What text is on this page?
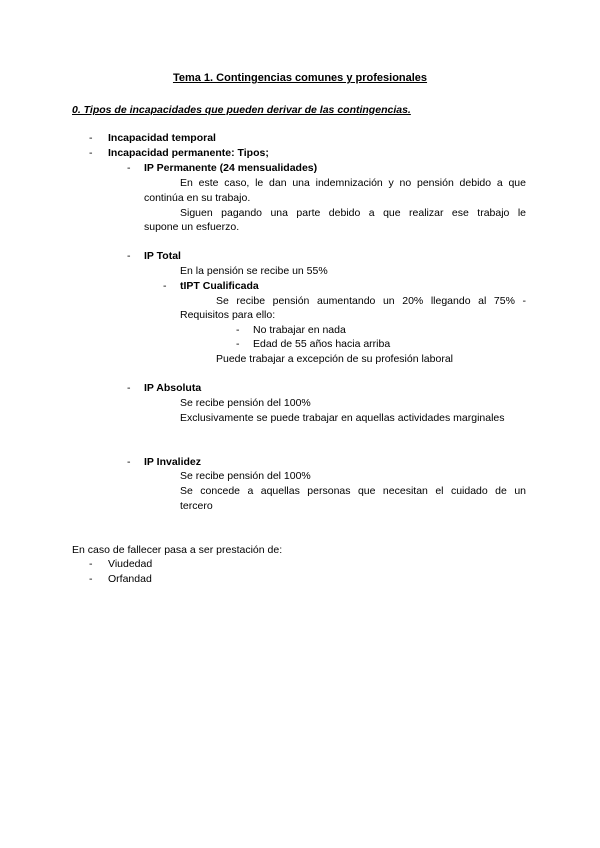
Tema 1. Contingencias comunes y profesionales
0. Tipos de incapacidades que pueden derivar de las contingencias.
- Incapacidad temporal
- Incapacidad permanente: Tipos;
- IP Permanente (24 mensualidades)
En este caso, le dan una indemnización y no pensión debido a que
continúa en su trabajo.
Siguen pagando una parte debido a que realizar ese trabajo le
supone un esfuerzo.
- IP Total
En la pensión se recibe un 55%
- tIPT Cualificada
Se recibe pensión aumentando un 20% llegando al 75% -
Requisitos para ello:
- No trabajar en nada
- Edad de 55 años hacia arriba
Puede trabajar a excepción de su profesión laboral
- IP Absoluta
Se recibe pensión del 100%
Exclusivamente se puede trabajar en aquellas actividades marginales
- IP Invalidez
Se recibe pensión del 100%
Se concede a aquellas personas que necesitan el cuidado de un
tercero
En caso de fallecer pasa a ser prestación de:
- Viudedad
- Orfandad
